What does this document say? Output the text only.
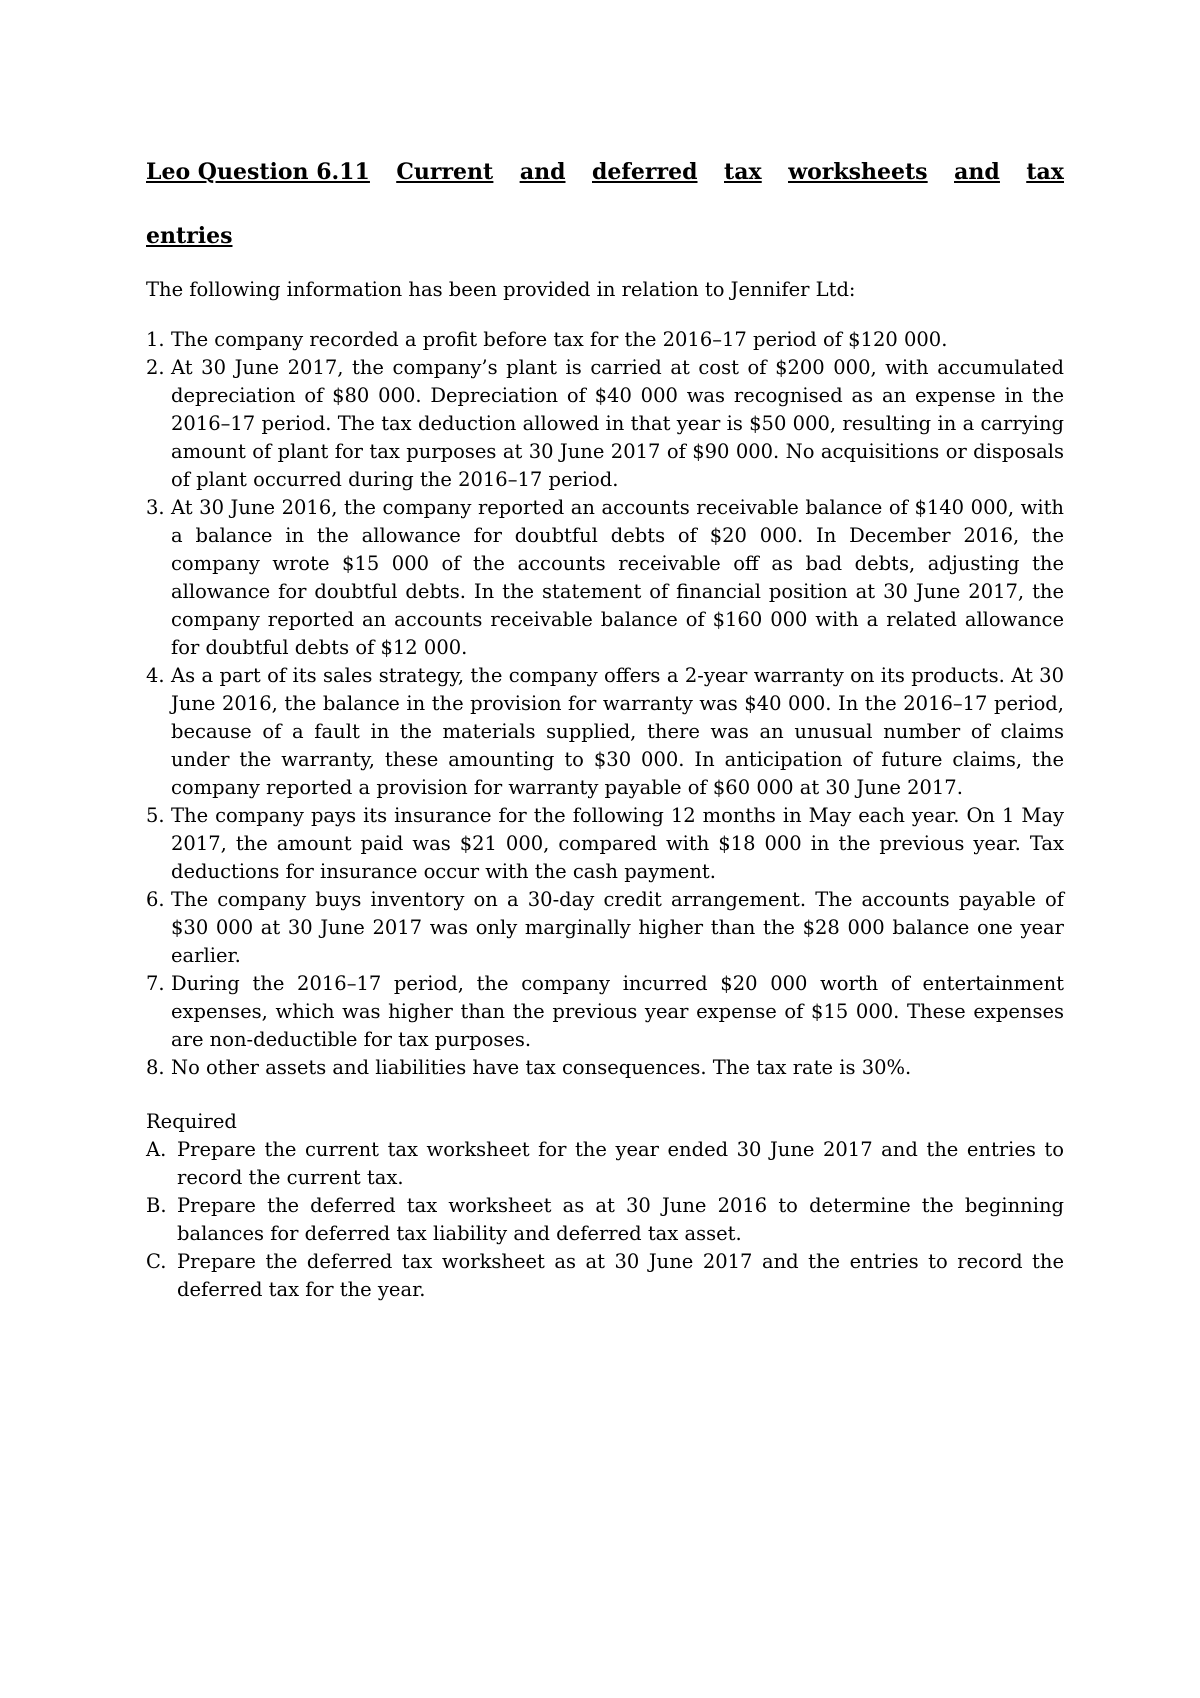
Leo Question 6.11 Current and deferred tax worksheets and tax
entries

The following information has been provided in relation to Jennifer Ltd:

1. The company recorded a profit before tax for the 2016–17 period of $120 000.
2. At 30 June 2017, the company’s plant is carried at cost of $200 000, with accumulated depreciation of $80 000. Depreciation of $40 000 was recognised as an expense in the 2016–17 period. The tax deduction allowed in that year is $50 000, resulting in a carrying amount of plant for tax purposes at 30 June 2017 of $90 000. No acquisitions or disposals of plant occurred during the 2016–17 period.
3. At 30 June 2016, the company reported an accounts receivable balance of $140 000, with a balance in the allowance for doubtful debts of $20 000. In December 2016, the company wrote $15 000 of the accounts receivable off as bad debts, adjusting the allowance for doubtful debts. In the statement of financial position at 30 June 2017, the company reported an accounts receivable balance of $160 000 with a related allowance for doubtful debts of $12 000.
4. As a part of its sales strategy, the company offers a 2-year warranty on its products. At 30 June 2016, the balance in the provision for warranty was $40 000. In the 2016–17 period, because of a fault in the materials supplied, there was an unusual number of claims under the warranty, these amounting to $30 000. In anticipation of future claims, the company reported a provision for warranty payable of $60 000 at 30 June 2017.
5. The company pays its insurance for the following 12 months in May each year. On 1 May 2017, the amount paid was $21 000, compared with $18 000 in the previous year. Tax deductions for insurance occur with the cash payment.
6. The company buys inventory on a 30-day credit arrangement. The accounts payable of $30 000 at 30 June 2017 was only marginally higher than the $28 000 balance one year earlier.
7. During the 2016–17 period, the company incurred $20 000 worth of entertainment expenses, which was higher than the previous year expense of $15 000. These expenses are non-deductible for tax purposes.
8. No other assets and liabilities have tax consequences. The tax rate is 30%.

Required

A. Prepare the current tax worksheet for the year ended 30 June 2017 and the entries to record the current tax.
B. Prepare the deferred tax worksheet as at 30 June 2016 to determine the beginning balances for deferred tax liability and deferred tax asset.
C. Prepare the deferred tax worksheet as at 30 June 2017 and the entries to record the deferred tax for the year.
